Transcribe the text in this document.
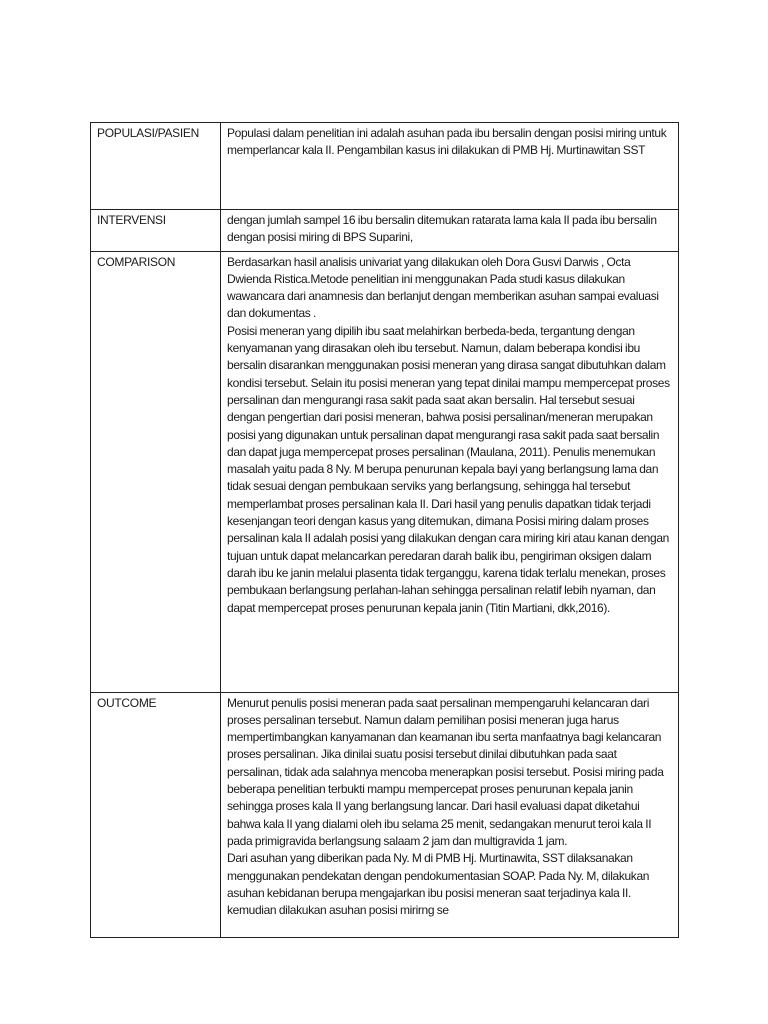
POPULASI/PASIEN	Populasi dalam penelitian ini adalah asuhan pada ibu bersalin dengan posisi miring untuk memperlancar kala II. Pengambilan kasus ini dilakukan di PMB Hj. Murtinawitan SST

INTERVENSI	dengan jumlah sampel 16 ibu bersalin ditemukan ratarata lama kala II pada ibu bersalin dengan posisi miring di BPS Suparini,

COMPARISON	Berdasarkan hasil analisis univariat yang dilakukan oleh Dora Gusvi Darwis , Octa Dwienda Ristica.Metode penelitian ini menggunakan Pada studi kasus dilakukan wawancara dari anamnesis dan berlanjut dengan memberikan asuhan sampai evaluasi dan dokumentas .

Posisi meneran yang dipilih ibu saat melahirkan berbeda-beda, tergantung dengan kenyamanan yang dirasakan oleh ibu tersebut. Namun, dalam beberapa kondisi ibu bersalin disarankan menggunakan posisi meneran yang dirasa sangat dibutuhkan dalam kondisi tersebut. Selain itu posisi meneran yang tepat dinilai mampu mempercepat proses persalinan dan mengurangi rasa sakit pada saat akan bersalin. Hal tersebut sesuai dengan pengertian dari posisi meneran, bahwa posisi persalinan/meneran merupakan posisi yang digunakan untuk persalinan dapat mengurangi rasa sakit pada saat bersalin dan dapat juga mempercepat proses persalinan (Maulana, 2011). Penulis menemukan masalah yaitu pada 8 Ny. M berupa penurunan kepala bayi yang berlangsung lama dan tidak sesuai dengan pembukaan serviks yang berlangsung, sehingga hal tersebut memperlambat proses persalinan kala II. Dari hasil yang penulis dapatkan tidak terjadi kesenjangan teori dengan kasus yang ditemukan, dimana Posisi miring dalam proses persalinan kala II adalah posisi yang dilakukan dengan cara miring kiri atau kanan dengan tujuan untuk dapat melancarkan peredaran darah balik ibu, pengiriman oksigen dalam darah ibu ke janin melalui plasenta tidak terganggu, karena tidak terlalu menekan, proses pembukaan berlangsung perlahan-lahan sehingga persalinan relatif lebih nyaman, dan dapat mempercepat proses penurunan kepala janin (Titin Martiani, dkk,2016).

OUTCOME	Menurut penulis posisi meneran pada saat persalinan mempengaruhi kelancaran dari proses persalinan tersebut. Namun dalam pemilihan posisi meneran juga harus mempertimbangkan kanyamanan dan keamanan ibu serta manfaatnya bagi kelancaran proses persalinan. Jika dinilai suatu posisi tersebut dinilai dibutuhkan pada saat persalinan, tidak ada salahnya mencoba menerapkan posisi tersebut. Posisi miring pada beberapa penelitian terbukti mampu mempercepat proses penurunan kepala janin sehingga proses kala II yang berlangsung lancar. Dari hasil evaluasi dapat diketahui bahwa kala II yang dialami oleh ibu selama 25 menit, sedangakan menurut teroi kala II pada primigravida berlangsung salaam 2 jam dan multigravida 1 jam.

Dari asuhan yang diberikan pada Ny. M di PMB Hj. Murtinawita, SST dilaksanakan menggunakan pendekatan dengan pendokumentasian SOAP. Pada Ny. M, dilakukan asuhan kebidanan berupa mengajarkan ibu posisi meneran saat terjadinya kala II. kemudian dilakukan asuhan posisi mirirng se
